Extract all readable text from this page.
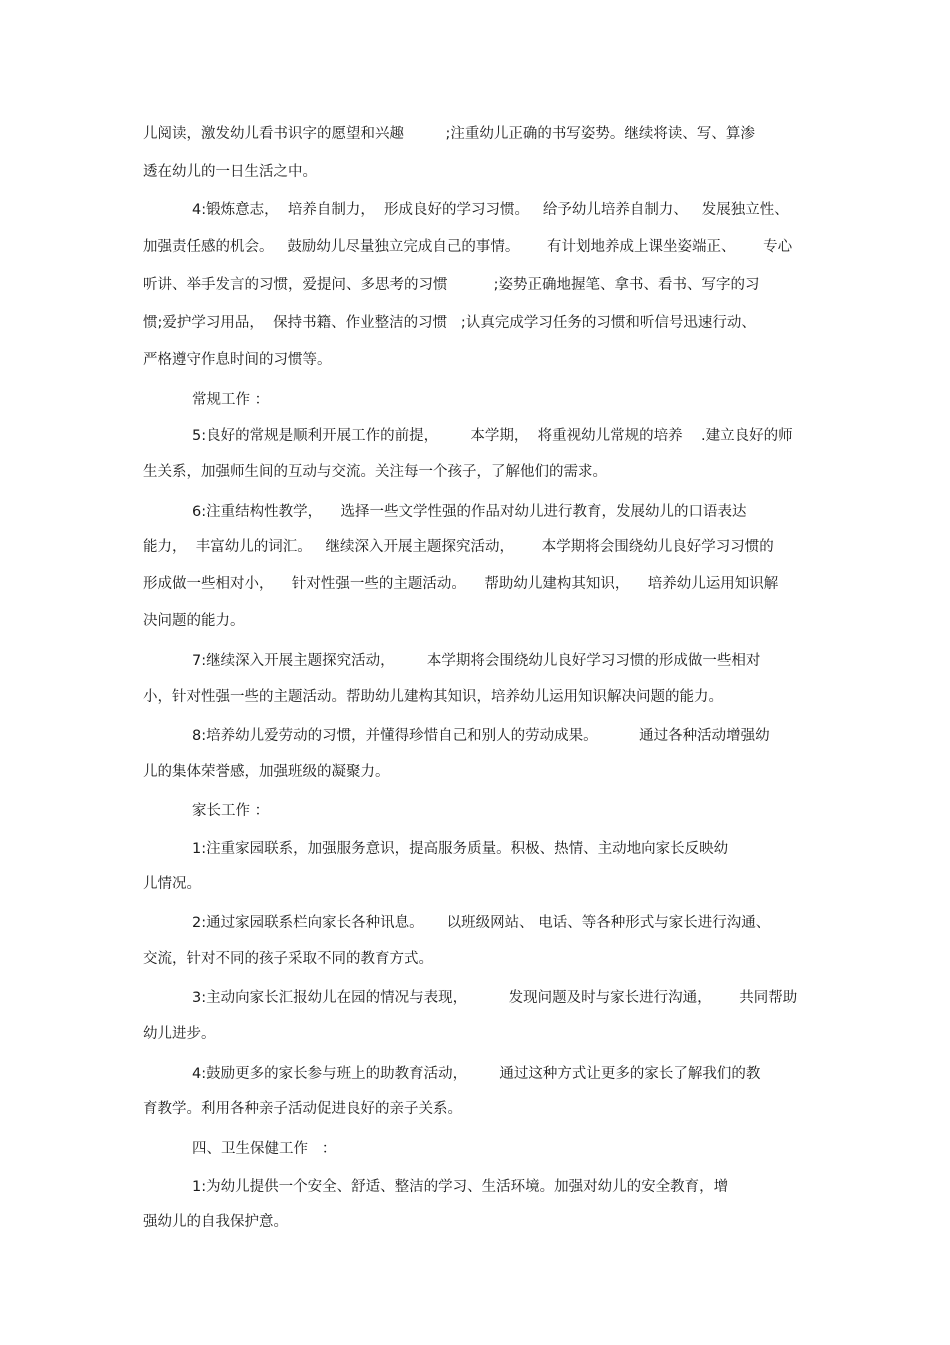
儿阅读，激发幼儿看书识字的愿望和兴趣         ;注重幼儿正确的书写姿势。继续将读、写、算渗
透在幼儿的一日生活之中。
4:锻炼意志，  培养自制力，  形成良好的学习习惯。   给予幼儿培养自制力、   发展独立性、
加强责任感的机会。   鼓励幼儿尽量独立完成自己的事情。      有计划地养成上课坐姿端正、      专心
听讲、举手发言的习惯，爱提问、多思考的习惯          ;姿势正确地握笔、拿书、看书、写字的习
惯;爱护学习用品，  保持书籍、作业整洁的习惯   ;认真完成学习任务的习惯和听信号迅速行动、
严格遵守作息时间的习惯等。
常规工作 ：
5:良好的常规是顺利开展工作的前提，       本学期，  将重视幼儿常规的培养    .建立良好的师
生关系，加强师生间的互动与交流。关注每一个孩子，了解他们的需求。
6:注重结构性教学，    选择一些文学性强的作品对幼儿进行教育，发展幼儿的口语表达
能力，  丰富幼儿的词汇。   继续深入开展主题探究活动，      本学期将会围绕幼儿良好学习习惯的
形成做一些相对小，    针对性强一些的主题活动。    帮助幼儿建构其知识，    培养幼儿运用知识解
决问题的能力。
7:继续深入开展主题探究活动，       本学期将会围绕幼儿良好学习习惯的形成做一些相对
小，针对性强一些的主题活动。帮助幼儿建构其知识，培养幼儿运用知识解决问题的能力。
8:培养幼儿爱劳动的习惯，并懂得珍惜自己和别人的劳动成果。         通过各种活动增强幼
儿的集体荣誉感，加强班级的凝聚力。
家长工作 ：
1:注重家园联系，加强服务意识，提高服务质量。积极、热情、主动地向家长反映幼
儿情况。
2:通过家园联系栏向家长各种讯息。     以班级网站、 电话、等各种形式与家长进行沟通、
交流，针对不同的孩子采取不同的教育方式。
3:主动向家长汇报幼儿在园的情况与表现，         发现问题及时与家长进行沟通，      共同帮助
幼儿进步。
4:鼓励更多的家长参与班上的助教育活动，       通过这种方式让更多的家长了解我们的教
育教学。利用各种亲子活动促进良好的亲子关系。
四、卫生保健工作   ：
1:为幼儿提供一个安全、舒适、整洁的学习、生活环境。加强对幼儿的安全教育，增
强幼儿的自我保护意。
